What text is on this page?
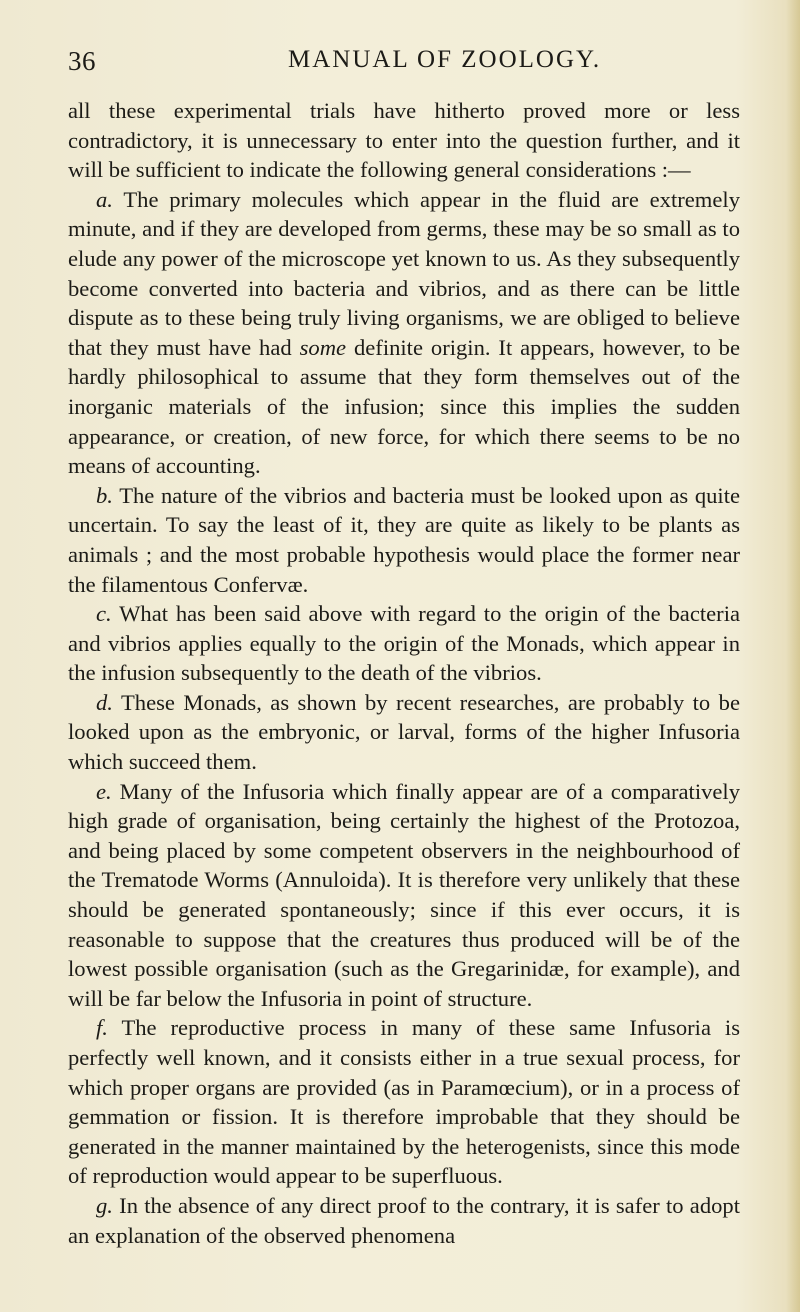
36	MANUAL OF ZOOLOGY.

all these experimental trials have hitherto proved more or less contradictory, it is unnecessary to enter into the question further, and it will be sufficient to indicate the following general considerations :—

a. The primary molecules which appear in the fluid are extremely minute, and if they are developed from germs, these may be so small as to elude any power of the microscope yet known to us. As they subsequently become converted into bacteria and vibrios, and as there can be little dispute as to these being truly living organisms, we are obliged to believe that they must have had some definite origin. It appears, however, to be hardly philosophical to assume that they form themselves out of the inorganic materials of the infusion; since this implies the sudden appearance, or creation, of new force, for which there seems to be no means of accounting.

b. The nature of the vibrios and bacteria must be looked upon as quite uncertain. To say the least of it, they are quite as likely to be plants as animals ; and the most probable hypothesis would place the former near the filamentous Confervæ.

c. What has been said above with regard to the origin of the bacteria and vibrios applies equally to the origin of the Monads, which appear in the infusion subsequently to the death of the vibrios.

d. These Monads, as shown by recent researches, are probably to be looked upon as the embryonic, or larval, forms of the higher Infusoria which succeed them.

e. Many of the Infusoria which finally appear are of a comparatively high grade of organisation, being certainly the highest of the Protozoa, and being placed by some competent observers in the neighbourhood of the Trematode Worms (Annuloida). It is therefore very unlikely that these should be generated spontaneously; since if this ever occurs, it is reasonable to suppose that the creatures thus produced will be of the lowest possible organisation (such as the Gregarinidæ, for example), and will be far below the Infusoria in point of structure.

f. The reproductive process in many of these same Infusoria is perfectly well known, and it consists either in a true sexual process, for which proper organs are provided (as in Paramœcium), or in a process of gemmation or fission. It is therefore improbable that they should be generated in the manner maintained by the heterogenists, since this mode of reproduction would appear to be superfluous.

g. In the absence of any direct proof to the contrary, it is safer to adopt an explanation of the observed phenomena
